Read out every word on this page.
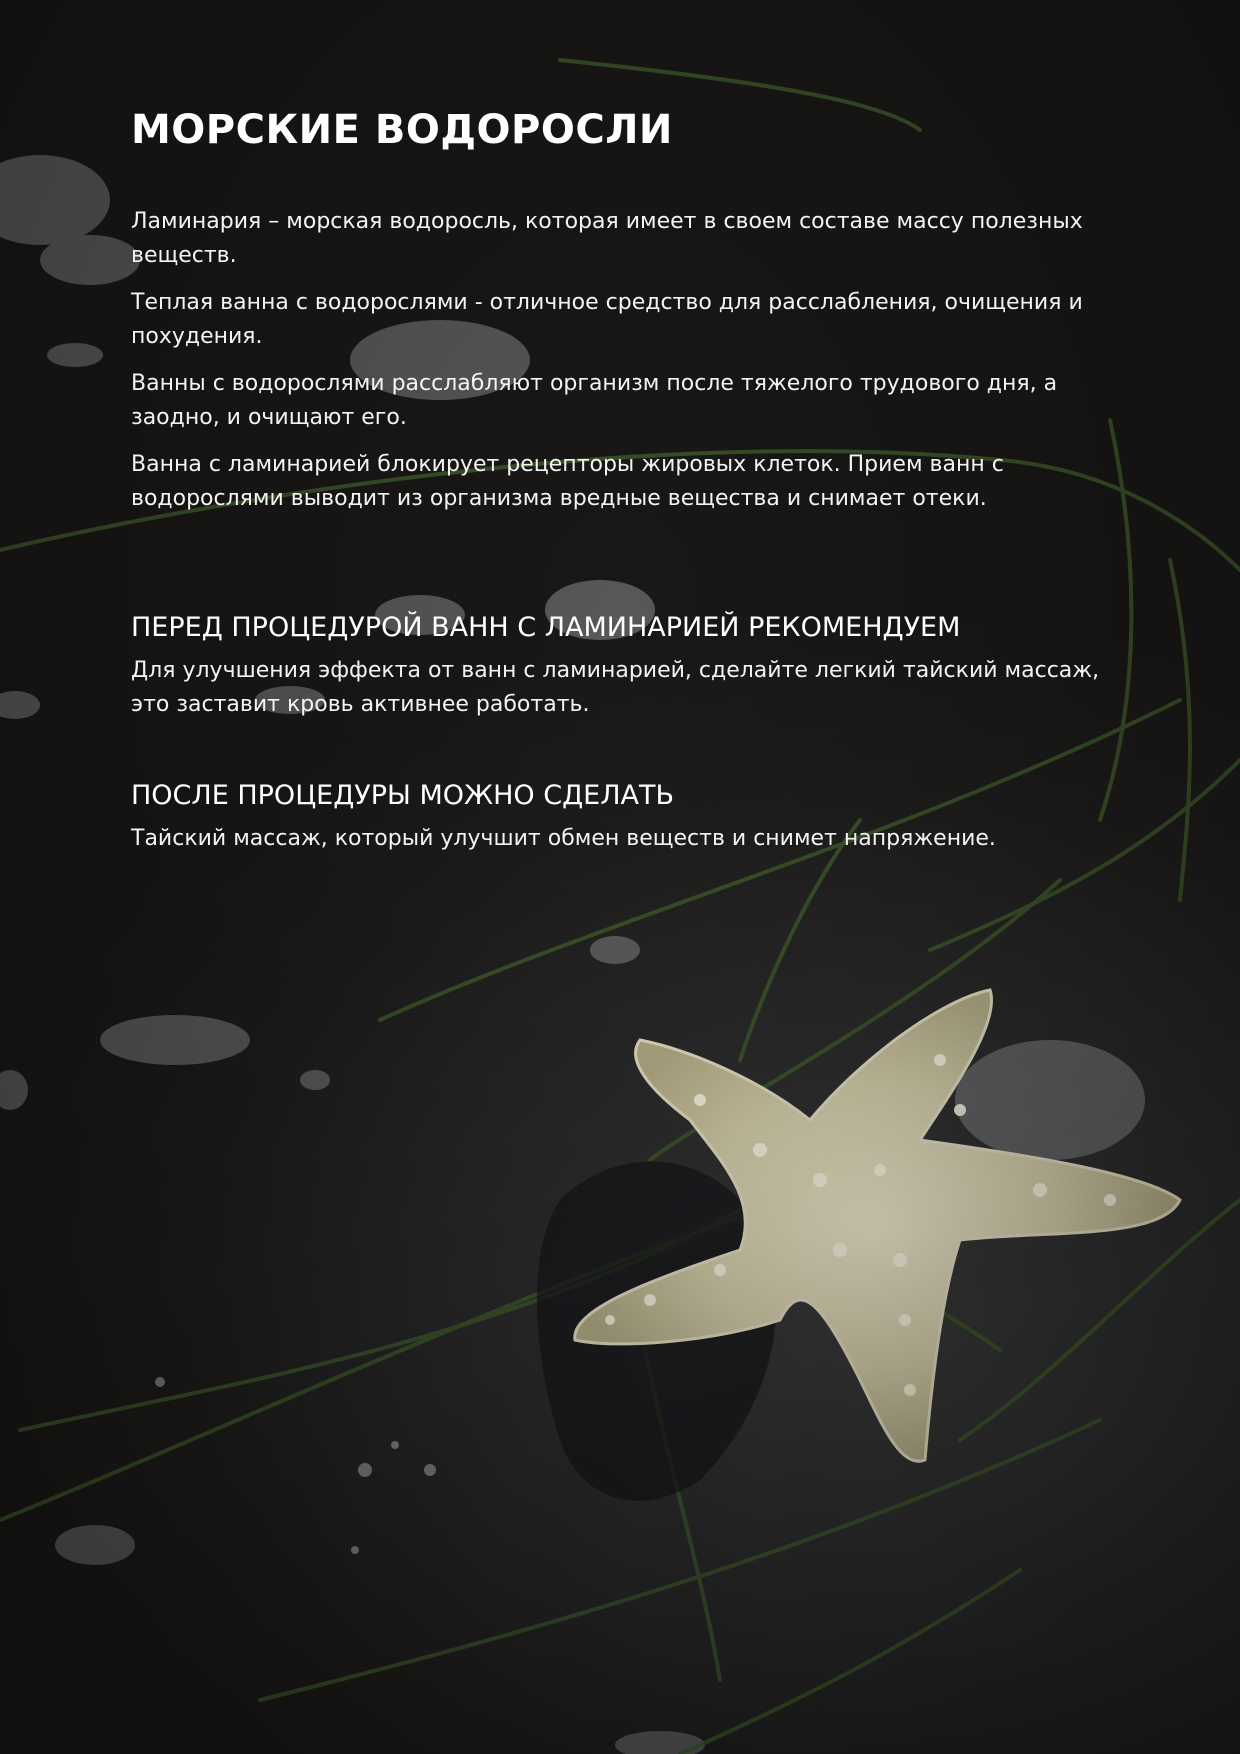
МОРСКИЕ ВОДОРОСЛИ

Ламинария – морская водоросль, которая имеет в своем составе массу полезных веществ.

Теплая ванна с водорослями - отличное средство для расслабления, очищения и похудения.

Ванны с водорослями расслабляют организм после тяжелого трудового дня, а заодно, и очищают его.

Ванна с ламинарией блокирует рецепторы жировых клеток. Прием ванн с водорослями выводит из организма вредные вещества и снимает отеки.

ПЕРЕД ПРОЦЕДУРОЙ ВАНН С ЛАМИНАРИЕЙ РЕКОМЕНДУЕМ

Для улучшения эффекта от ванн с ламинарией, сделайте легкий тайский массаж, это заставит кровь активнее работать.

ПОСЛЕ ПРОЦЕДУРЫ МОЖНО СДЕЛАТЬ

Тайский массаж, который улучшит обмен веществ и снимет напряжение.
